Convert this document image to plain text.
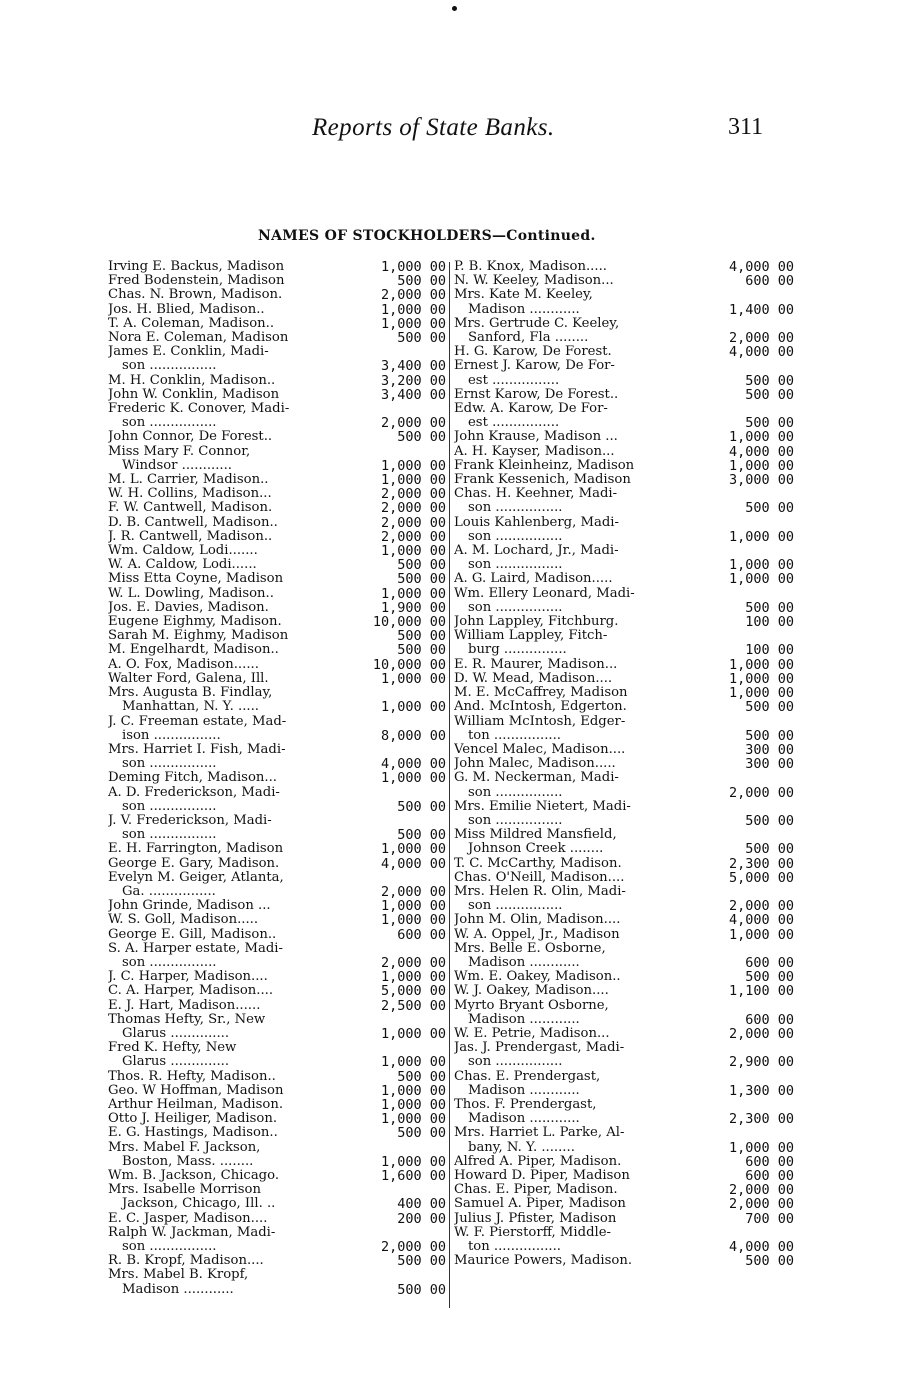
Reports of State Banks.	311
NAMES OF STOCKHOLDERS—Continued.
Irving E. Backus, Madison	1,000 00
Fred Bodenstein, Madison	500 00
Chas. N. Brown, Madison.	2,000 00
Jos. H. Blied, Madison..	1,000 00
T. A. Coleman, Madison..	1,000 00
Nora E. Coleman, Madison	500 00
James E. Conklin, Madi-
son ................	3,400 00
M. H. Conklin, Madison..	3,200 00
John W. Conklin, Madison	3,400 00
Frederic K. Conover, Madi-
son ................	2,000 00
John Connor, De Forest..	500 00
Miss Mary F. Connor,
Windsor ............	1,000 00
M. L. Carrier, Madison..	1,000 00
W. H. Collins, Madison...	2,000 00
F. W. Cantwell, Madison.	2,000 00
D. B. Cantwell, Madison..	2,000 00
J. R. Cantwell, Madison..	2,000 00
Wm. Caldow, Lodi.......	1,000 00
W. A. Caldow, Lodi......	500 00
Miss Etta Coyne, Madison	500 00
W. L. Dowling, Madison..	1,000 00
Jos. E. Davies, Madison.	1,900 00
Eugene Eighmy, Madison.	10,000 00
Sarah M. Eighmy, Madison	500 00
M. Engelhardt, Madison..	500 00
A. O. Fox, Madison......	10,000 00
Walter Ford, Galena, Ill.	1,000 00
Mrs. Augusta B. Findlay,
Manhattan, N. Y. .....	1,000 00
J. C. Freeman estate, Mad-
ison ................	8,000 00
Mrs. Harriet I. Fish, Madi-
son ................	4,000 00
Deming Fitch, Madison...	1,000 00
A. D. Frederickson, Madi-
son ................	500 00
J. V. Frederickson, Madi-
son ................	500 00
E. H. Farrington, Madison	1,000 00
George E. Gary, Madison.	4,000 00
Evelyn M. Geiger, Atlanta,
Ga. ................	2,000 00
John Grinde, Madison ...	1,000 00
W. S. Goll, Madison.....	1,000 00
George E. Gill, Madison..	600 00
S. A. Harper estate, Madi-
son ................	2,000 00
J. C. Harper, Madison....	1,000 00
C. A. Harper, Madison....	5,000 00
E. J. Hart, Madison......	2,500 00
Thomas Hefty, Sr., New
Glarus ..............	1,000 00
Fred K. Hefty, New
Glarus ..............	1,000 00
Thos. R. Hefty, Madison..	500 00
Geo. W Hoffman, Madison	1,000 00
Arthur Heilman, Madison.	1,000 00
Otto J. Heiliger, Madison.	1,000 00
E. G. Hastings, Madison..	500 00
Mrs. Mabel F. Jackson,
Boston, Mass. ........	1,000 00
Wm. B. Jackson, Chicago.	1,600 00
Mrs. Isabelle Morrison
Jackson, Chicago, Ill. ..	400 00
E. C. Jasper, Madison....	200 00
Ralph W. Jackman, Madi-
son ................	2,000 00
R. B. Kropf, Madison....	500 00
Mrs. Mabel B. Kropf,
Madison ............	500 00
P. B. Knox, Madison.....	4,000 00
N. W. Keeley, Madison...	600 00
Mrs. Kate M. Keeley,
Madison ............	1,400 00
Mrs. Gertrude C. Keeley,
Sanford, Fla ........	2,000 00
H. G. Karow, De Forest.	4,000 00
Ernest J. Karow, De For-
est ................	500 00
Ernst Karow, De Forest..	500 00
Edw. A. Karow, De For-
est ................	500 00
John Krause, Madison ...	1,000 00
A. H. Kayser, Madison...	4,000 00
Frank Kleinheinz, Madison	1,000 00
Frank Kessenich, Madison	3,000 00
Chas. H. Keehner, Madi-
son ................	500 00
Louis Kahlenberg, Madi-
son ................	1,000 00
A. M. Lochard, Jr., Madi-
son ................	1,000 00
A. G. Laird, Madison.....	1,000 00
Wm. Ellery Leonard, Madi-
son ................	500 00
John Lappley, Fitchburg.	100 00
William Lappley, Fitch-
burg ...............	100 00
E. R. Maurer, Madison...	1,000 00
D. W. Mead, Madison....	1,000 00
M. E. McCaffrey, Madison	1,000 00
And. McIntosh, Edgerton.	500 00
William McIntosh, Edger-
ton ................	500 00
Vencel Malec, Madison....	300 00
John Malec, Madison.....	300 00
G. M. Neckerman, Madi-
son ................	2,000 00
Mrs. Emilie Nietert, Madi-
son ................	500 00
Miss Mildred Mansfield,
Johnson Creek ........	500 00
T. C. McCarthy, Madison.	2,300 00
Chas. O'Neill, Madison....	5,000 00
Mrs. Helen R. Olin, Madi-
son ................	2,000 00
John M. Olin, Madison....	4,000 00
W. A. Oppel, Jr., Madison	1,000 00
Mrs. Belle E. Osborne,
Madison ............	600 00
Wm. E. Oakey, Madison..	500 00
W. J. Oakey, Madison....	1,100 00
Myrto Bryant Osborne,
Madison ............	600 00
W. E. Petrie, Madison...	2,000 00
Jas. J. Prendergast, Madi-
son ................	2,900 00
Chas. E. Prendergast,
Madison ............	1,300 00
Thos. F. Prendergast,
Madison ............	2,300 00
Mrs. Harriet L. Parke, Al-
bany, N. Y. ........	1,000 00
Alfred A. Piper, Madison.	600 00
Howard D. Piper, Madison	600 00
Chas. E. Piper, Madison.	2,000 00
Samuel A. Piper, Madison	2,000 00
Julius J. Pfister, Madison	700 00
W. F. Pierstorff, Middle-
ton ................	4,000 00
Maurice Powers, Madison.	500 00
